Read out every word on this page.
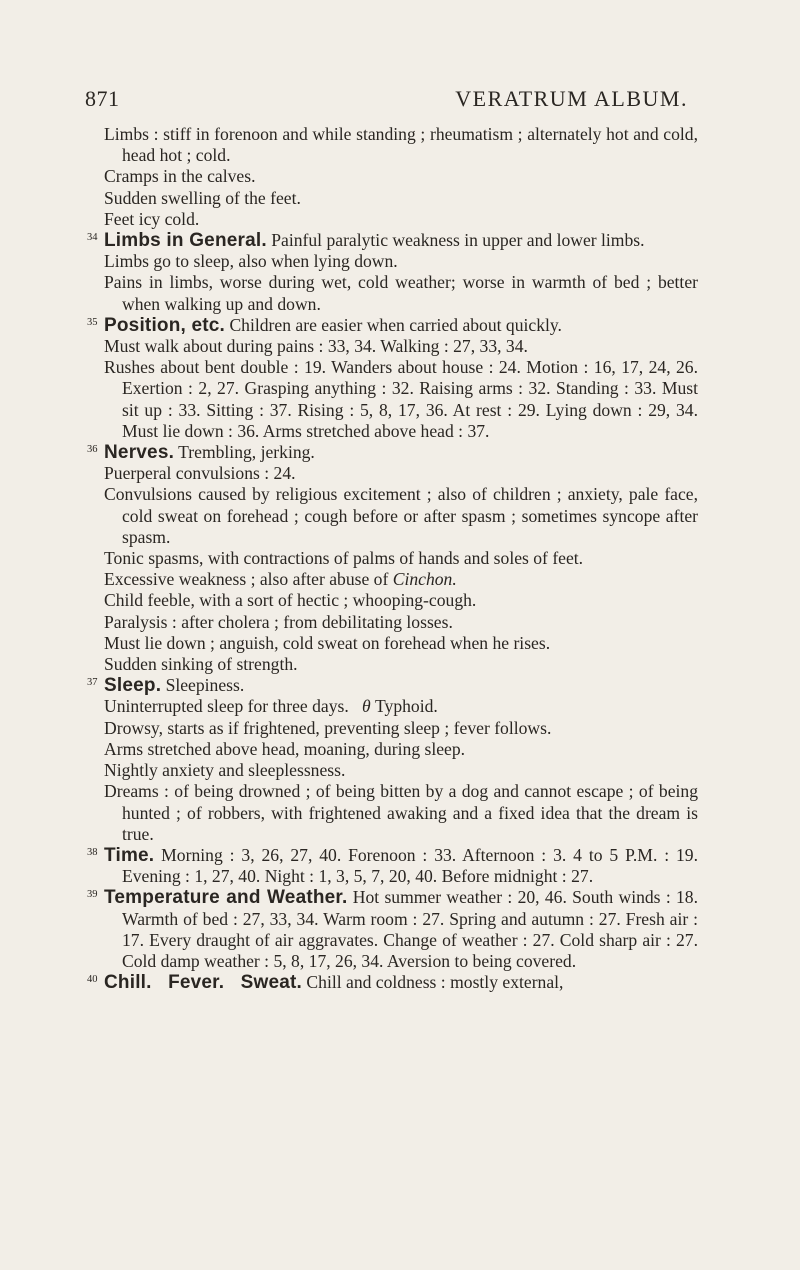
871	VERATRUM ALBUM.

Limbs : stiff in forenoon and while standing ; rheumatism ; alternately hot and cold, head hot ; cold.

Cramps in the calves.

Sudden swelling of the feet.

Feet icy cold.

34 Limbs in General. Painful paralytic weakness in upper and lower limbs.

Limbs go to sleep, also when lying down.

Pains in limbs, worse during wet, cold weather; worse in warmth of bed ; better when walking up and down.

35 Position, etc. Children are easier when carried about quickly.

Must walk about during pains : 33, 34. Walking : 27, 33, 34.

Rushes about bent double : 19. Wanders about house : 24. Motion : 16, 17, 24, 26. Exertion : 2, 27. Grasping anything : 32. Raising arms : 32. Standing : 33. Must sit up : 33. Sitting : 37. Rising : 5, 8, 17, 36. At rest : 29. Lying down : 29, 34. Must lie down : 36. Arms stretched above head : 37.

36 Nerves. Trembling, jerking.

Puerperal convulsions : 24.

Convulsions caused by religious excitement ; also of children ; anxiety, pale face, cold sweat on forehead ; cough before or after spasm ; sometimes syncope after spasm.

Tonic spasms, with contractions of palms of hands and soles of feet.

Excessive weakness ; also after abuse of Cinchon.

Child feeble, with a sort of hectic ; whooping-cough.

Paralysis : after cholera ; from debilitating losses.

Must lie down ; anguish, cold sweat on forehead when he rises.

Sudden sinking of strength.

37 Sleep. Sleepiness.

Uninterrupted sleep for three days. θ Typhoid.

Drowsy, starts as if frightened, preventing sleep ; fever follows.

Arms stretched above head, moaning, during sleep.

Nightly anxiety and sleeplessness.

Dreams : of being drowned ; of being bitten by a dog and cannot escape ; of being hunted ; of robbers, with frightened awaking and a fixed idea that the dream is true.

38 Time. Morning : 3, 26, 27, 40. Forenoon : 33. Afternoon : 3. 4 to 5 P.M. : 19. Evening : 1, 27, 40. Night : 1, 3, 5, 7, 20, 40. Before midnight : 27.

39 Temperature and Weather. Hot summer weather : 20, 46. South winds : 18. Warmth of bed : 27, 33, 34. Warm room : 27. Spring and autumn : 27. Fresh air : 17. Every draught of air aggravates. Change of weather : 27. Cold sharp air : 27. Cold damp weather : 5, 8, 17, 26, 34. Aversion to being covered.

40 Chill. Fever. Sweat. Chill and coldness : mostly external,
